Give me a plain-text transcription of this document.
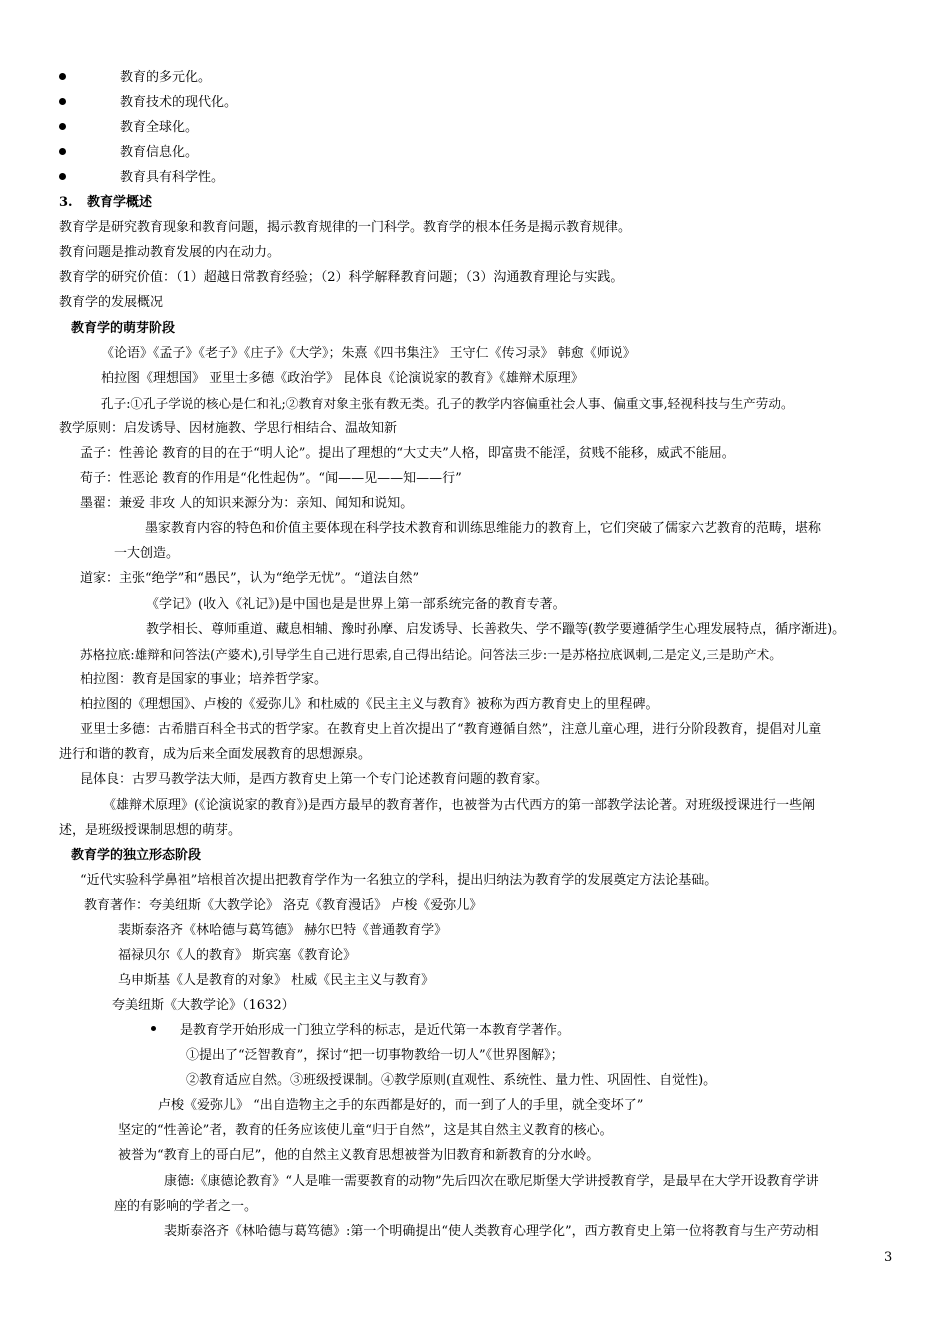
教育的多元化。
教育技术的现代化。
教育全球化。
教育信息化。
教育具有科学性。
3. 教育学概述
教育学是研究教育现象和教育问题，揭示教育规律的一门科学。教育学的根本任务是揭示教育规律。
教育问题是推动教育发展的内在动力。
教育学的研究价值：（1）超越日常教育经验；（2）科学解释教育问题；（3）沟通教育理论与实践。
教育学的发展概况
教育学的萌芽阶段
《论语》《孟子》《老子》《庄子》《大学》；朱熹《四书集注》 王守仁《传习录》 韩愈《师说》
柏拉图《理想国》 亚里士多德《政治学》 昆体良《论演说家的教育》《雄辩术原理》
孔子:①孔子学说的核心是仁和礼;②教育对象主张有教无类。孔子的教学内容偏重社会人事、偏重文事,轻视科技与生产劳动。
教学原则：启发诱导、因材施教、学思行相结合、温故知新
孟子：性善论 教育的目的在于“明人论”。提出了理想的“大丈夫”人格，即富贵不能淫，贫贱不能移，威武不能屈。
荀子：性恶论 教育的作用是“化性起伪”。“闻——见——知——行”
墨翟：兼爱 非攻 人的知识来源分为：亲知、闻知和说知。
墨家教育内容的特色和价值主要体现在科学技术教育和训练思维能力的教育上，它们突破了儒家六艺教育的范畴，堪称
一大创造。
道家：主张“绝学”和“愚民”，认为“绝学无忧”。“道法自然”
《学记》(收入《礼记》)是中国也是是世界上第一部系统完备的教育专著。
教学相长、尊师重道、藏息相辅、豫时孙摩、启发诱导、长善救失、学不躐等(教学要遵循学生心理发展特点，循序渐进)。
苏格拉底:雄辩和问答法(产婆术),引导学生自己进行思索,自己得出结论。问答法三步:一是苏格拉底讽刺,二是定义,三是助产术。
柏拉图：教育是国家的事业；培养哲学家。
柏拉图的《理想国》、卢梭的《爱弥儿》和杜威的《民主主义与教育》被称为西方教育史上的里程碑。
亚里士多德：古希腊百科全书式的哲学家。在教育史上首次提出了“教育遵循自然”，注意儿童心理，进行分阶段教育，提倡对儿童
进行和谐的教育，成为后来全面发展教育的思想源泉。
昆体良：古罗马教学法大师，是西方教育史上第一个专门论述教育问题的教育家。
《雄辩术原理》(《论演说家的教育》)是西方最早的教育著作，也被誉为古代西方的第一部教学法论著。对班级授课进行一些阐
述，是班级授课制思想的萌芽。
教育学的独立形态阶段
“近代实验科学鼻祖”培根首次提出把教育学作为一名独立的学科，提出归纳法为教育学的发展奠定方法论基础。
教育著作：夸美纽斯《大教学论》 洛克《教育漫话》 卢梭《爱弥儿》
裴斯泰洛齐《林哈德与葛笃德》 赫尔巴特《普通教育学》
福禄贝尔《人的教育》 斯宾塞《教育论》
乌申斯基《人是教育的对象》 杜威《民主主义与教育》
夸美纽斯《大教学论》（1632）
是教育学开始形成一门独立学科的标志，是近代第一本教育学著作。
①提出了“泛智教育”，探讨“把一切事物教给一切人”《世界图解》；
②教育适应自然。③班级授课制。④教学原则(直观性、系统性、量力性、巩固性、自觉性)。
卢梭《爱弥儿》 “出自造物主之手的东西都是好的，而一到了人的手里，就全变坏了”
坚定的“性善论”者，教育的任务应该使儿童“归于自然”，这是其自然主义教育的核心。
被誉为“教育上的哥白尼”，他的自然主义教育思想被誉为旧教育和新教育的分水岭。
康德:《康德论教育》“人是唯一需要教育的动物”先后四次在歌尼斯堡大学讲授教育学，是最早在大学开设教育学讲
座的有影响的学者之一。
裴斯泰洛齐《林哈德与葛笃德》:第一个明确提出“使人类教育心理学化”，西方教育史上第一位将教育与生产劳动相
3
